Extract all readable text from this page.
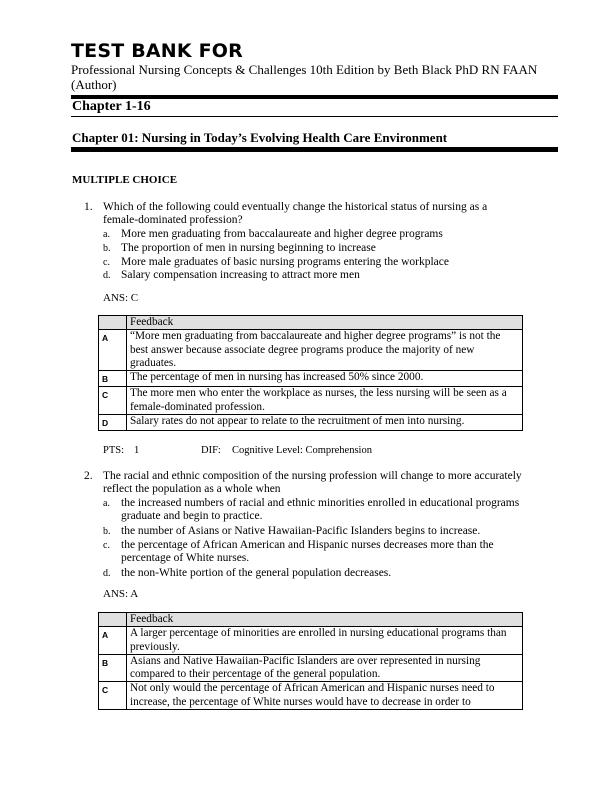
TEST BANK FOR
Professional Nursing Concepts & Challenges 10th Edition by Beth Black PhD RN FAAN (Author)
Chapter 1-16
Chapter 01: Nursing in Today’s Evolving Health Care Environment
MULTIPLE CHOICE
1. Which of the following could eventually change the historical status of nursing as a female-dominated profession?
a. More men graduating from baccalaureate and higher degree programs
b. The proportion of men in nursing beginning to increase
c. More male graduates of basic nursing programs entering the workplace
d. Salary compensation increasing to attract more men
ANS: C
	Feedback
A	“More men graduating from baccalaureate and higher degree programs” is not the best answer because associate degree programs produce the majority of new graduates.
B	The percentage of men in nursing has increased 50% since 2000.
C	The more men who enter the workplace as nurses, the less nursing will be seen as a female-dominated profession.
D	Salary rates do not appear to relate to the recruitment of men into nursing.
PTS: 1	DIF: Cognitive Level: Comprehension
2. The racial and ethnic composition of the nursing profession will change to more accurately reflect the population as a whole when
a. the increased numbers of racial and ethnic minorities enrolled in educational programs graduate and begin to practice.
b. the number of Asians or Native Hawaiian-Pacific Islanders begins to increase.
c. the percentage of African American and Hispanic nurses decreases more than the percentage of White nurses.
d. the non-White portion of the general population decreases.
ANS: A
	Feedback
A	A larger percentage of minorities are enrolled in nursing educational programs than previously.
B	Asians and Native Hawaiian-Pacific Islanders are over represented in nursing compared to their percentage of the general population.
C	Not only would the percentage of African American and Hispanic nurses need to increase, the percentage of White nurses would have to decrease in order to
